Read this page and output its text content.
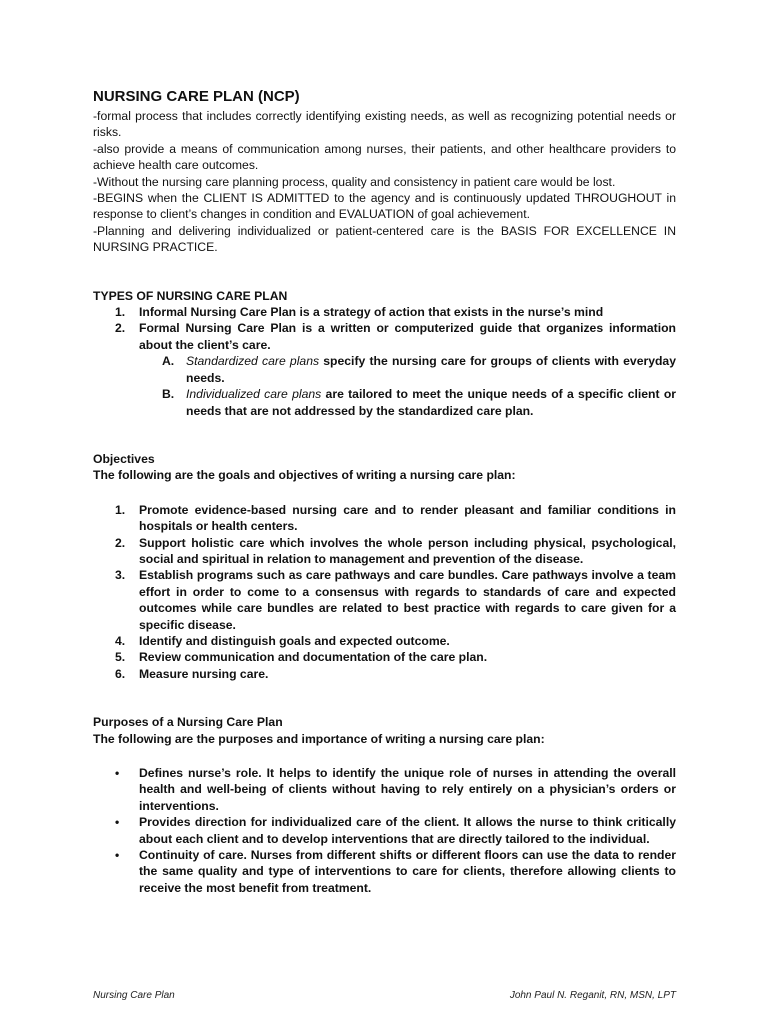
NURSING CARE PLAN (NCP)

-formal process that includes correctly identifying existing needs, as well as recognizing potential needs or risks.

-also provide a means of communication among nurses, their patients, and other healthcare providers to achieve health care outcomes.

-Without the nursing care planning process, quality and consistency in patient care would be lost.

-BEGINS when the CLIENT IS ADMITTED to the agency and is continuously updated THROUGHOUT in response to client’s changes in condition and EVALUATION of goal achievement.

-Planning and delivering individualized or patient-centered care is the BASIS FOR EXCELLENCE IN NURSING PRACTICE.

TYPES OF NURSING CARE PLAN
1. Informal Nursing Care Plan is a strategy of action that exists in the nurse’s mind
2. Formal Nursing Care Plan is a written or computerized guide that organizes information about the client’s care.
A. Standardized care plans specify the nursing care for groups of clients with everyday needs.
B. Individualized care plans are tailored to meet the unique needs of a specific client or needs that are not addressed by the standardized care plan.
Objectives
The following are the goals and objectives of writing a nursing care plan:
1. Promote evidence-based nursing care and to render pleasant and familiar conditions in hospitals or health centers.
2. Support holistic care which involves the whole person including physical, psychological, social and spiritual in relation to management and prevention of the disease.
3. Establish programs such as care pathways and care bundles. Care pathways involve a team effort in order to come to a consensus with regards to standards of care and expected outcomes while care bundles are related to best practice with regards to care given for a specific disease.
4. Identify and distinguish goals and expected outcome.
5. Review communication and documentation of the care plan.
6. Measure nursing care.
Purposes of a Nursing Care Plan
The following are the purposes and importance of writing a nursing care plan:
• Defines nurse’s role. It helps to identify the unique role of nurses in attending the overall health and well-being of clients without having to rely entirely on a physician’s orders or interventions.
• Provides direction for individualized care of the client. It allows the nurse to think critically about each client and to develop interventions that are directly tailored to the individual.
• Continuity of care. Nurses from different shifts or different floors can use the data to render the same quality and type of interventions to care for clients, therefore allowing clients to receive the most benefit from treatment.
Nursing Care Plan	John Paul N. Reganit, RN, MSN, LPT
